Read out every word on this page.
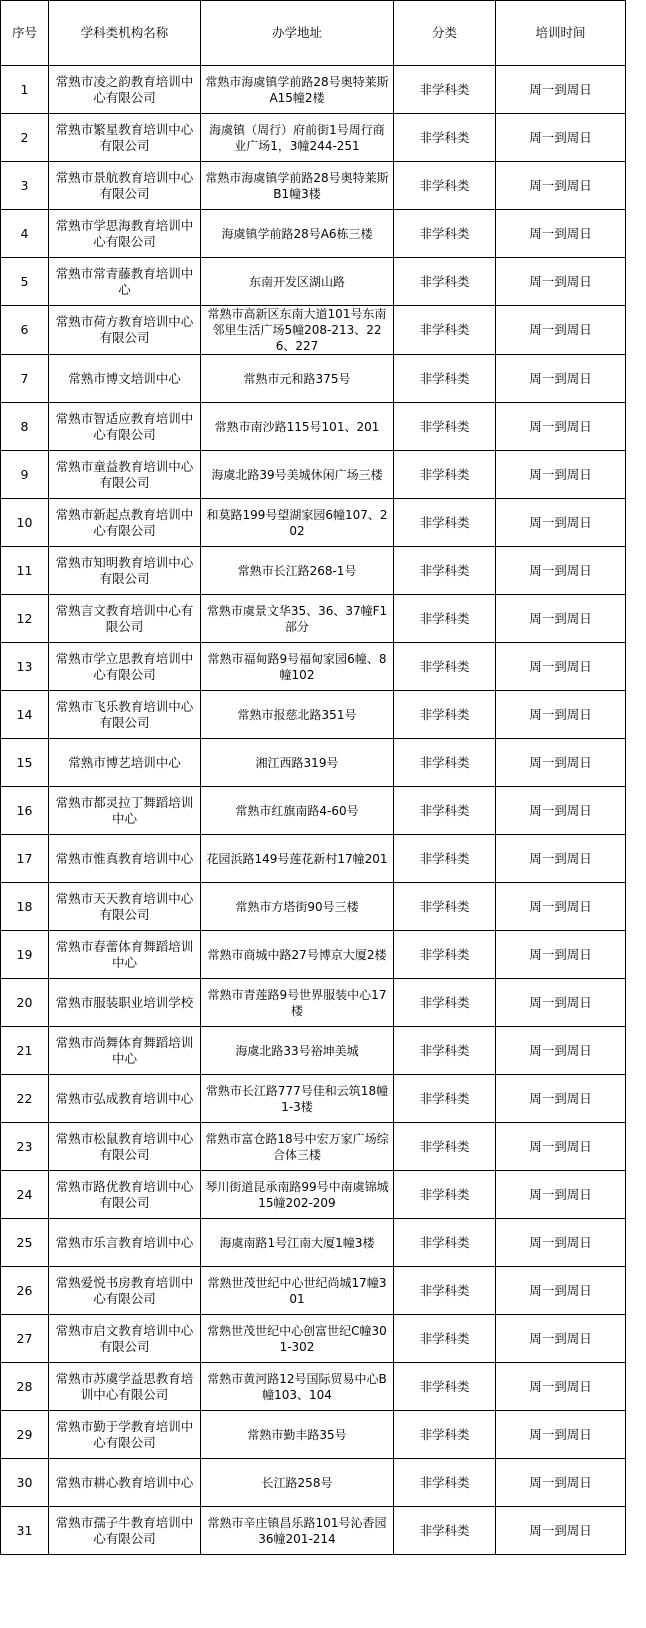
序号	学科类机构名称	办学地址	分类	培训时间
1	常熟市凌之韵教育培训中心有限公司	常熟市海虞镇学前路28号奥特莱斯A15幢2楼	非学科类	周一到周日
2	常熟市繁星教育培训中心有限公司	海虞镇（周行）府前街1号周行商业广场1，3幢244-251	非学科类	周一到周日
3	常熟市景航教育培训中心有限公司	常熟市海虞镇学前路28号奥特莱斯B1幢3楼	非学科类	周一到周日
4	常熟市学思海教育培训中心有限公司	海虞镇学前路28号A6栋三楼	非学科类	周一到周日
5	常熟市常青藤教育培训中心	东南开发区湖山路	非学科类	周一到周日
6	常熟市荷方教育培训中心有限公司	常熟市高新区东南大道101号东南邻里生活广场5幢208-213、226、227	非学科类	周一到周日
7	常熟市博文培训中心	常熟市元和路375号	非学科类	周一到周日
8	常熟市智适应教育培训中心有限公司	常熟市南沙路115号101、201	非学科类	周一到周日
9	常熟市童益教育培训中心有限公司	海虞北路39号美城休闲广场三楼	非学科类	周一到周日
10	常熟市新起点教育培训中心有限公司	和莫路199号望湖家园6幢107、202	非学科类	周一到周日
11	常熟市知明教育培训中心有限公司	常熟市长江路268-1号	非学科类	周一到周日
12	常熟言文教育培训中心有限公司	常熟市虞景文华35、36、37幢F1部分	非学科类	周一到周日
13	常熟市学立思教育培训中心有限公司	常熟市福甸路9号福甸家园6幢、8幢102	非学科类	周一到周日
14	常熟市飞乐教育培训中心有限公司	常熟市报慈北路351号	非学科类	周一到周日
15	常熟市博艺培训中心	湘江西路319号	非学科类	周一到周日
16	常熟市都灵拉丁舞蹈培训中心	常熟市红旗南路4-60号	非学科类	周一到周日
17	常熟市惟真教育培训中心	花园浜路149号莲花新村17幢201	非学科类	周一到周日
18	常熟市天天教育培训中心有限公司	常熟市方塔街90号三楼	非学科类	周一到周日
19	常熟市春蕾体育舞蹈培训中心	常熟市商城中路27号博京大厦2楼	非学科类	周一到周日
20	常熟市服装职业培训学校	常熟市青莲路9号世界服装中心17楼	非学科类	周一到周日
21	常熟市尚舞体育舞蹈培训中心	海虞北路33号裕坤美城	非学科类	周一到周日
22	常熟市弘成教育培训中心	常熟市长江路777号佳和云筑18幢1-3楼	非学科类	周一到周日
23	常熟市松鼠教育培训中心有限公司	常熟市富仓路18号中宏万家广场综合体三楼	非学科类	周一到周日
24	常熟市路优教育培训中心有限公司	琴川街道昆承南路99号中南虞锦城15幢202-209	非学科类	周一到周日
25	常熟市乐言教育培训中心	海虞南路1号江南大厦1幢3楼	非学科类	周一到周日
26	常熟爱悦书房教育培训中心有限公司	常熟世茂世纪中心世纪尚城17幢301	非学科类	周一到周日
27	常熟市启文教育培训中心有限公司	常熟世茂世纪中心创富世纪C幢301-302	非学科类	周一到周日
28	常熟市苏虞学益思教育培训中心有限公司	常熟市黄河路12号国际贸易中心B幢103、104	非学科类	周一到周日
29	常熟市勤于学教育培训中心有限公司	常熟市勤丰路35号	非学科类	周一到周日
30	常熟市耕心教育培训中心	长江路258号	非学科类	周一到周日
31	常熟市孺子牛教育培训中心有限公司	常熟市辛庄镇昌乐路101号沁香园36幢201-214	非学科类	周一到周日
